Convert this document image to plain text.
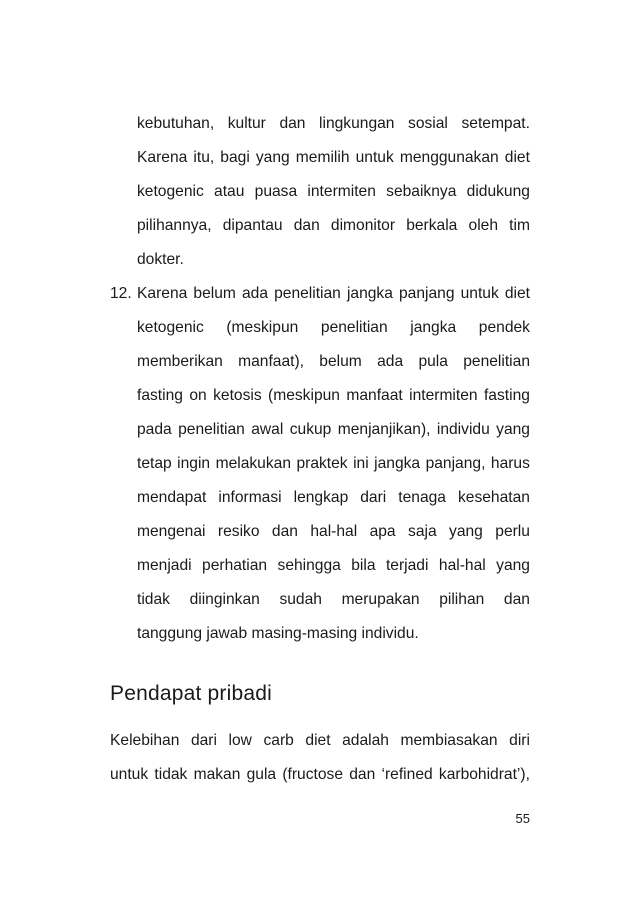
kebutuhan, kultur dan lingkungan sosial setempat.
Karena itu, bagi yang memilih untuk menggunakan diet
ketogenic atau puasa intermiten sebaiknya didukung
pilihannya, dipantau dan dimonitor berkala oleh tim
dokter.
12. Karena belum ada penelitian jangka panjang untuk diet
ketogenic (meskipun penelitian jangka pendek
memberikan manfaat), belum ada pula penelitian
fasting on ketosis (meskipun manfaat intermiten fasting
pada penelitian awal cukup menjanjikan), individu yang
tetap ingin melakukan praktek ini jangka panjang, harus
mendapat informasi lengkap dari tenaga kesehatan
mengenai resiko dan hal-hal apa saja yang perlu
menjadi perhatian sehingga bila terjadi hal-hal yang
tidak diinginkan sudah merupakan pilihan dan
tanggung jawab masing-masing individu.
Pendapat pribadi
Kelebihan dari low carb diet adalah membiasakan diri
untuk tidak makan gula (fructose dan ‘refined karbohidrat’),
55
